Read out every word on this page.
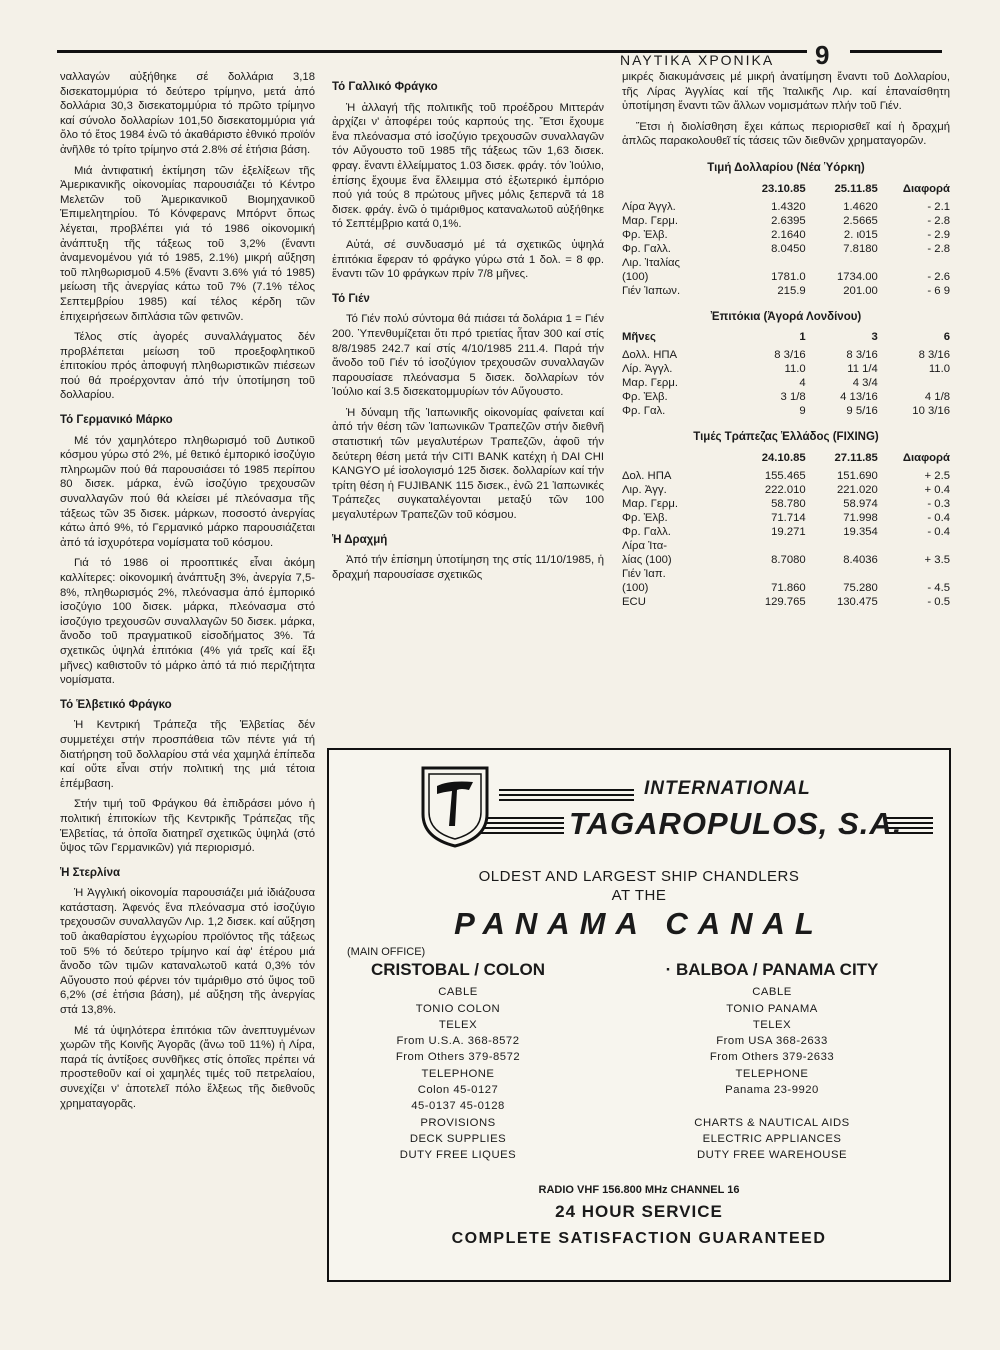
ΝΑΥΤΙΚΑ ΧΡΟΝΙΚΑ 9

ναλλαγών αὐξήθηκε σέ δολλάρια 3,18 δισεκατομμύρια τό δεύτερο τρίμηνο, μετά ἀπό δολλάρια 30,3 δισεκατομμύρια τό πρῶτο τρίμηνο καί σύνολο δολλαρίων 101,50 δισεκατομμύρια γιά ὅλο τό ἔτος 1984 ἐνῶ τό ἀκαθάριστο ἐθνικό προϊόν ἀνῆλθε τό τρίτο τρίμηνο στά 2.8% σέ ἐτήσια βάση.

Μιά ἀντιφατική ἐκτίμηση τῶν ἐξελίξεων τῆς Ἀμερικανικῆς οἰκονομίας παρουσιάζει τό Κέντρο Μελετῶν τοῦ Ἀμερικανικοῦ Βιομηχανικοῦ Ἐπιμελητηρίου. Τό Κόνφερανς Μπόρντ ὅπως λέγεται, προβλέπει γιά τό 1986 οἰκονομική ἀνάπτυξη τῆς τάξεως τοῦ 3,2% (ἔναντι ἀναμενομένου γιά τό 1985, 2.1%) μικρή αὔξηση τοῦ πληθωρισμοῦ 4.5% (ἔναντι 3.6% γιά τό 1985) μείωση τῆς ἀνεργίας κάτω τοῦ 7% (7.1% τέλος Σεπτεμβρίου 1985) καί τέλος κέρδη τῶν ἐπιχειρήσεων διπλάσια τῶν φετινῶν.

Τέλος στίς ἀγορές συναλλάγματος δέν προβλέπεται μείωση τοῦ προεξοφλητικοῦ ἐπιτοκίου πρός ἀποφυγή πληθωριστικῶν πιέσεων πού θά προέρχονταν ἀπό τήν ὑποτίμηση τοῦ δολλαρίου.

Τό Γερμανικό Μάρκο

Μέ τόν χαμηλότερο πληθωρισμό τοῦ Δυτικοῦ κόσμου γύρω στό 2%, μέ θετικό ἐμπορικό ἰσοζύγιο πληρωμῶν πού θά παρουσιάσει τό 1985 περίπου 80 δισεκ. μάρκα, ἐνῶ ἰσοζύγιο τρεχουσῶν συναλλαγῶν πού θά κλείσει μέ πλεόνασμα τῆς τάξεως τῶν 35 δισεκ. μάρκων, ποσοστό ἀνεργίας κάτω ἀπό 9%, τό Γερμανικό μάρκο παρουσιάζεται ἀπό τά ἰσχυρότερα νομίσματα τοῦ κόσμου.

Γιά τό 1986 οἱ προοπτικές εἶναι ἀκόμη καλλίτερες: οἰκονομική ἀνάπτυξη 3%, ἀνεργία 7,5-8%, πληθωρισμός 2%, πλεόνασμα ἀπό ἐμπορικό ἰσοζύγιο 100 δισεκ. μάρκα, πλεόνασμα στό ἰσοζύγιο τρεχουσῶν συναλλαγῶν 50 δισεκ. μάρκα, ἄνοδο τοῦ πραγματικοῦ εἰσοδήματος 3%. Τά σχετικῶς ὑψηλά ἐπιτόκια (4% γιά τρεῖς καί ἕξι μῆνες) καθιστοῦν τό μάρκο ἀπό τά πιό περιζήτητα νομίσματα.

Τό Ἑλβετικό Φράγκο

Ἡ Κεντρική Τράπεζα τῆς Ἑλβετίας δέν συμμετέχει στήν προσπάθεια τῶν πέντε γιά τή διατήρηση τοῦ δολλαρίου στά νέα χαμηλά ἐπίπεδα καί οὔτε εἶναι στήν πολιτική της μιά τέτοια ἐπέμβαση.

Στήν τιμή τοῦ Φράγκου θά ἐπιδράσει μόνο ἡ πολιτική ἐπιτοκίων τῆς Κεντρικῆς Τράπεζας τῆς Ἑλβετίας, τά ὁποῖα διατηρεῖ σχετικῶς ὑψηλά (στό ὕψος τῶν Γερμανικῶν) γιά περιορισμό.

Ἡ Στερλίνα

Ἡ Ἀγγλική οἰκονομία παρουσιάζει μιά ἰδιάζουσα κατάσταση. Ἀφενός ἕνα πλεόνασμα στό ἰσοζύγιο τρεχουσῶν συναλλαγῶν Λιρ. 1,2 δισεκ. καί αὔξηση τοῦ ἀκαθαρίστου ἐγχωρίου προϊόντος τῆς τάξεως τοῦ 5% τό δεύτερο τρίμηνο καί ἀφ' ἑτέρου μιά ἄνοδο τῶν τιμῶν καταναλωτοῦ κατά 0,3% τόν Αὔγουστο πού φέρνει τόν τιμάριθμο στό ὕψος τοῦ 6,2% (σέ ἐτήσια βάση), μέ αὔξηση τῆς ἀνεργίας στά 13,8%.

Μέ τά ὑψηλότερα ἐπιτόκια τῶν ἀνεπτυγμένων χωρῶν τῆς Κοινῆς Ἀγορᾶς (ἄνω τοῦ 11%) ἡ Λίρα, παρά τίς ἀντίξοες συνθῆκες στίς ὁποῖες πρέπει νά προστεθοῦν καί οἱ χαμηλές τιμές τοῦ πετρελαίου, συνεχίζει ν' ἀποτελεῖ πόλο ἕλξεως τῆς διεθνοῦς χρηματαγορᾶς.

Τό Γαλλικό Φράγκο

Ἡ ἀλλαγή τῆς πολιτικῆς τοῦ προέδρου Μιττεράν ἀρχίζει ν' ἀποφέρει τούς καρπούς της. Ἔτσι ἔχουμε ἕνα πλεόνασμα στό ἰσοζύγιο τρεχουσῶν συναλλαγῶν τόν Αὔγουστο τοῦ 1985 τῆς τάξεως τῶν 1,63 δισεκ. φραγ. ἔναντι ἐλλείμματος 1.03 δισεκ. φράγ. τόν Ἰούλιο, ἐπίσης ἔχουμε ἕνα ἔλλειμμα στό ἐξωτερικό ἐμπόριο πού γιά τούς 8 πρώτους μῆνες μόλις ξεπερνᾶ τά 18 δισεκ. φράγ. ἐνῶ ὁ τιμάριθμος καταναλωτοῦ αὐξήθηκε τό Σεπτέμβριο κατά 0,1%.

Αὐτά, σέ συνδυασμό μέ τά σχετικῶς ὑψηλά ἐπιτόκια ἔφεραν τό φράγκο γύρω στά 1 δολ. = 8 φρ. ἔναντι τῶν 10 φράγκων πρίν 7/8 μῆνες.

Τό Γιέν

Τό Γιέν πολύ σύντομα θά πιάσει τά δολάρια 1 = Γιέν 200. Ὑπενθυμίζεται ὅτι πρό τριετίας ἦταν 300 καί στίς 8/8/1985 242.7 καί στίς 4/10/1985 211.4. Παρά τήν ἄνοδο τοῦ Γιέν τό ἰσοζύγιον τρεχουσῶν συναλλαγῶν παρουσίασε πλεόνασμα 5 δισεκ. δολλαρίων τόν Ἰούλιο καί 3.5 δισεκατομμυρίων τόν Αὔγουστο.

Ἡ δύναμη τῆς Ἰαπωνικῆς οἰκονομίας φαίνεται καί ἀπό τήν θέση τῶν Ἰαπωνικῶν Τραπεζῶν στήν διεθνῆ στατιστική τῶν μεγαλυτέρων Τραπεζῶν, ἀφοῦ τήν δεύτερη θέση μετά τήν CITI BANK κατέχη ἡ DAI CHI KANGYO μέ ἰσολογισμό 125 δισεκ. δολλαρίων καί τήν τρίτη θέση ἡ FUJIBANK 115 δισεκ., ἐνῶ 21 Ἰαπωνικές Τράπεζες συγκαταλέγονται μεταξύ τῶν 100 μεγαλυτέρων Τραπεζῶν τοῦ κόσμου.

Ἡ Δραχμή

Ἀπό τήν ἐπίσημη ὑποτίμηση της στίς 11/10/1985, ἡ δραχμή παρουσίασε σχετικῶς

μικρές διακυμάνσεις μέ μικρή ἀνατίμηση ἔναντι τοῦ Δολλαρίου, τῆς Λίρας Ἀγγλίας καί τῆς Ἰταλικῆς Λιρ. καί ἐπαναίσθητη ὑποτίμηση ἔναντι τῶν ἄλλων νομισμάτων πλήν τοῦ Γιέν.

Ἔτσι ἡ διολίσθηση ἔχει κάπως περιορισθεῖ καί ἡ δραχμή ἁπλῶς παρακολουθεῖ τίς τάσεις τῶν διεθνῶν χρηματαγορῶν.

Τιμή Δολλαρίου (Νέα Ὑόρκη)
	23.10.85	25.11.85	Διαφορά
Λίρα Ἀγγλ.	1.4320	1.4620	- 2.1
Μαρ. Γερμ.	2.6395	2.5665	- 2.8
Φρ. Ἑλβ.	2.1640	2. ι015	- 2.9
Φρ. Γαλλ.	8.0450	7.8180	- 2.8
Λιρ. Ἰταλίας			
(100)	1781.0	1734.00	- 2.6
Γιέν Ἰαπων.	215.9	201.00	- 6 9
Ἐπιτόκια (Ἀγορά Λονδίνου)
Μῆνες	1	3	6
Δολλ. ΗΠΑ	8 3/16	8 3/16	8 3/16
Λίρ. Ἀγγλ.	11.0	11 1/4	11.0
Μαρ. Γερμ.	4	4 3/4	
Φρ. Ἑλβ.	3 1/8	4 13/16	4 1/8
Φρ. Γαλ.	9	9 5/16	10 3/16
Τιμές Τράπεζας Ἑλλάδος (FIXING)
	24.10.85	27.11.85	Διαφορά
Δολ. ΗΠΑ	155.465	151.690	+ 2.5
Λιρ. Ἀγγ.	222.010	221.020	+ 0.4
Μαρ. Γερμ.	58.780	58.974	- 0.3
Φρ. Ἑλβ.	71.714	71.998	- 0.4
Φρ. Γαλλ.	19.271	19.354	- 0.4
Λίρα Ἰτα-			
λίας (100)	8.7080	8.4036	+ 3.5
Γιέν Ἰαπ.			
(100)	71.860	75.280	- 4.5
ECU	129.765	130.475	- 0.5
INTERNATIONAL
TAGAROPULOS, S.A.
OLDEST AND LARGEST SHIP CHANDLERS
AT THE
PANAMA CANAL
(MAIN OFFICE)
CRISTOBAL / COLON
CABLE
TONIO COLON
TELEX
From U.S.A. 368-8572
From Others 379-8572
TELEPHONE
Colon 45-0127
45-0137 45-0128
PROVISIONS
DECK SUPPLIES
DUTY FREE LIQUES
· BALBOA / PANAMA CITY
CABLE
TONIO PANAMA
TELEX
From USA 368-2633
From Others 379-2633
TELEPHONE
Panama 23-9920

CHARTS & NAUTICAL AIDS
ELECTRIC APPLIANCES
DUTY FREE WAREHOUSE
RADIO VHF 156.800 MHz CHANNEL 16
24 HOUR SERVICE
COMPLETE SATISFACTION GUARANTEED
